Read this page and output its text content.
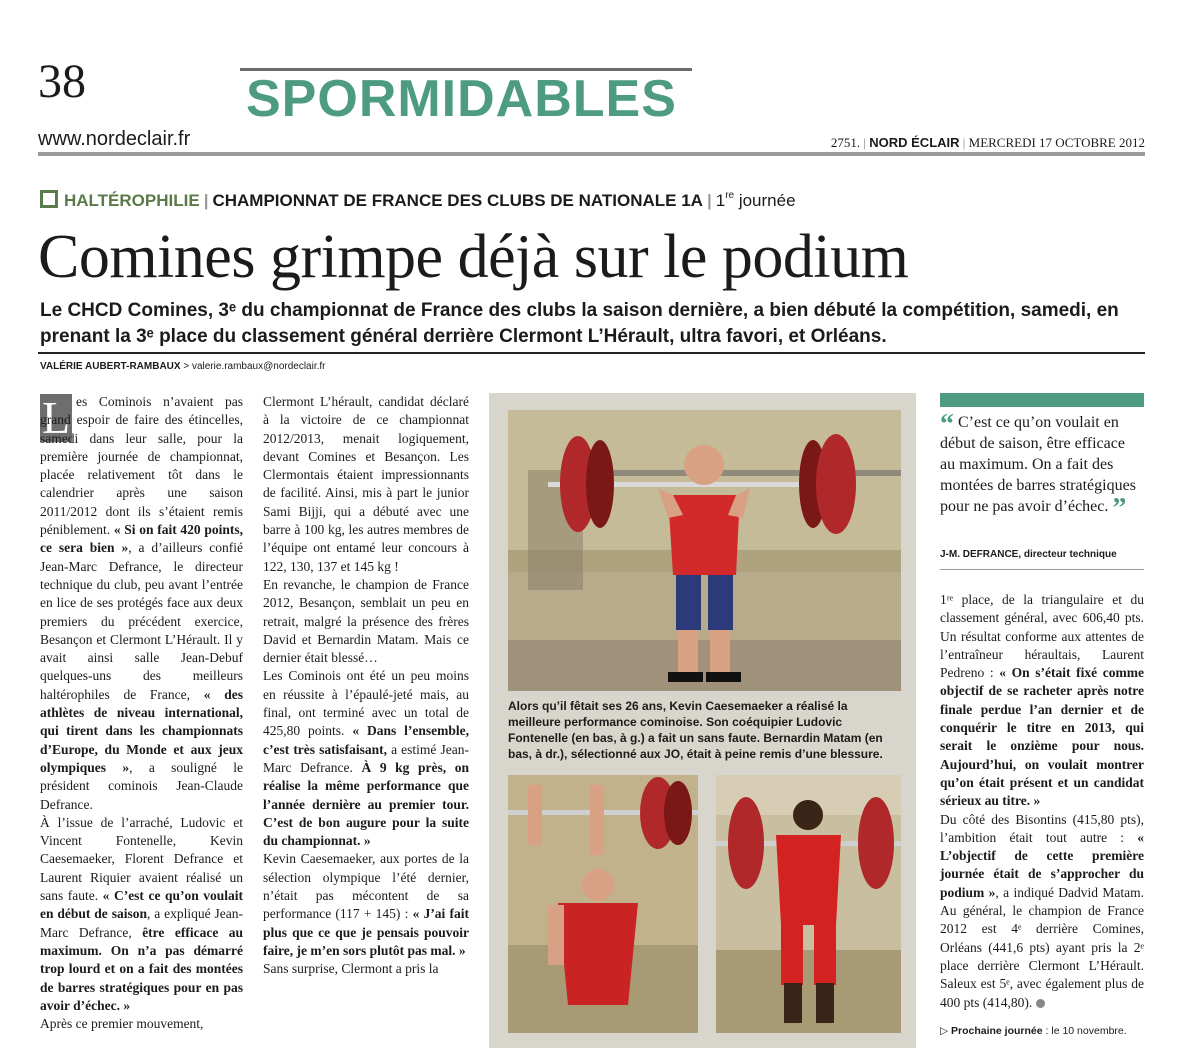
38	SPORMIDABLES
www.nordeclair.fr	2751. | NORD ÉCLAIR | MERCREDI 17 OCTOBRE 2012
HALTÉROPHILIE | CHAMPIONNAT DE FRANCE DES CLUBS DE NATIONALE 1A | 1re journée
Comines grimpe déjà sur le podium
Le CHCD Comines, 3ᵉ du championnat de France des clubs la saison dernière, a bien débuté la compétition, samedi, en prenant la 3ᵉ place du classement général derrière Clermont L’Hérault, ultra favori, et Orléans.
VALÉRIE AUBERT-RAMBAUX > valerie.rambaux@nordeclair.fr
L es Cominois n’avaient pas grand espoir de faire des étincelles, samedi dans leur salle, pour la première journée de championnat, placée relativement tôt dans le calendrier après une saison 2011/2012 dont ils s’étaient remis péniblement. « Si on fait 420 points, ce sera bien », a d’ailleurs confié Jean-Marc Defrance, le directeur technique du club, peu avant l’entrée en lice de ses protégés face aux deux premiers du précédent exercice, Besançon et Clermont L’Hérault. Il y avait ainsi salle Jean-Debuf quelques-uns des meilleurs haltérophiles de France, « des athlètes de niveau international, qui tirent dans les championnats d’Europe, du Monde et aux jeux olympiques », a souligné le président cominois Jean-Claude Defrance.

À l’issue de l’arraché, Ludovic et Vincent Fontenelle, Kevin Caesemaeker, Florent Defrance et Laurent Riquier avaient réalisé un sans faute. « C’est ce qu’on voulait en début de saison, a expliqué Jean-Marc Defrance, être efficace au maximum. On n’a pas démarré trop lourd et on a fait des montées de barres stratégiques pour en pas avoir d’échec. »

Après ce premier mouvement,

Clermont L’hérault, candidat déclaré à la victoire de ce championnat 2012/2013, menait logiquement, devant Comines et Besançon. Les Clermontais étaient impressionnants de facilité. Ainsi, mis à part le junior Sami Bijji, qui a débuté avec une barre à 100 kg, les autres membres de l’équipe ont entamé leur concours à 122, 130, 137 et 145 kg !

En revanche, le champion de France 2012, Besançon, semblait un peu en retrait, malgré la présence des frères David et Bernardin Matam. Mais ce dernier était blessé…

Les Cominois ont été un peu moins en réussite à l’épaulé-jeté mais, au final, ont terminé avec un total de 425,80 points. « Dans l’ensemble, c’est très satisfaisant, a estimé Jean-Marc Defrance. À 9 kg près, on réalise la même performance que l’année dernière au premier tour. C’est de bon augure pour la suite du championnat. »

Kevin Caesemaeker, aux portes de la sélection olympique l’été dernier, n’était pas mécontent de sa performance (117 + 145) : « J’ai fait plus que ce que je pensais pouvoir faire, je m’en sors plutôt pas mal. »

Sans surprise, Clermont a pris la

Alors qu’il fêtait ses 26 ans, Kevin Caesemaeker a réalisé la meilleure performance cominoise. Son coéquipier Ludovic Fontenelle (en bas, à g.) a fait un sans faute. Bernardin Matam (en bas, à dr.), sélectionné aux JO, était à peine remis d’une blessure.
“ C’est ce qu’on voulait en début de saison, être efficace au maximum. On a fait des montées de barres stratégiques pour ne pas avoir d’échec. ”
J-M. DEFRANCE, directeur technique

1ʳᵉ place, de la triangulaire et du classement général, avec 606,40 pts. Un résultat conforme aux attentes de l’entraîneur héraultais, Laurent Pedreno : « On s’était fixé comme objectif de se racheter après notre finale perdue l’an dernier et de conquérir le titre en 2013, qui serait le onzième pour nous. Aujourd’hui, on voulait montrer qu’on était présent et un candidat sérieux au titre. »

Du côté des Bisontins (415,80 pts), l’ambition était tout autre : « L’objectif de cette première journée était de s’approcher du podium », a indiqué Dadvid Matam. Au général, le champion de France 2012 est 4ᵉ derrière Comines, Orléans (441,6 pts) ayant pris la 2ᵉ place derrière Clermont L’Hérault. Saleux est 5ᵉ, avec également plus de 400 pts (414,80).

▷ Prochaine journée : le 10 novembre.
